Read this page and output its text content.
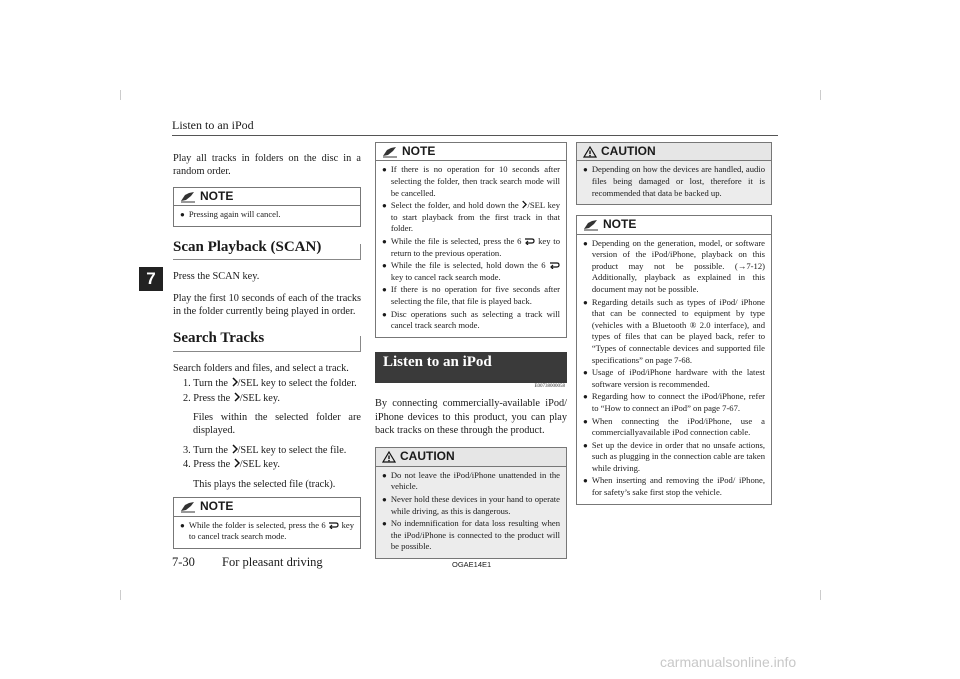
Listen to an iPod
7

Play all tracks in folders on the disc in a random order.

NOTE
● Pressing again will cancel.
Scan Playback (SCAN)

Press the SCAN key.

Play the first 10 seconds of each of the tracks in the folder currently being played in order.

Search Tracks

Search folders and files, and select a track.

1. Turn the /SEL key to select the folder.
2. Press the /SEL key.
Files within the selected folder are displayed.
3. Turn the /SEL key to select the file.
4. Press the /SEL key.
This plays the selected file (track).
NOTE
● While the folder is selected, press the 6 key to cancel track search mode.
NOTE
● If there is no operation for 10 seconds after selecting the folder, then track search mode will be cancelled.
● Select the folder, and hold down the /SEL key to start playback from the first track in that folder.
● While the file is selected, press the 6 key to return to the previous operation.
● While the file is selected, hold down the 6  key to cancel rack search mode.
● If there is no operation for five seconds after selecting the file, that file is played back.
● Disc operations such as selecting a track will cancel track search mode.
Listen to an iPod
E00738000058

By connecting commercially-available iPod/ iPhone devices to this product, you can play back tracks on these through the product.

CAUTION
● Do not leave the iPod/iPhone unattended in the vehicle.
● Never hold these devices in your hand to operate while driving, as this is dangerous.
● No indemnification for data loss resulting when the iPod/iPhone is connected to the product will be possible.
CAUTION
● Depending on how the devices are handled, audio files being damaged or lost, therefore it is recommended that data be backed up.
NOTE
● Depending on the generation, model, or software version of the iPod/iPhone, playback on this product may not be possible. (→7-12) Additionally, playback as explained in this document may not be possible.
● Regarding details such as types of iPod/ iPhone that can be connected to equipment by type (vehicles with a Bluetooth ® 2.0 interface), and types of files that can be played back, refer to “Types of connectable devices and supported file specifications” on page 7-68.
● Usage of iPod/iPhone hardware with the latest software version is recommended.
● Regarding how to connect the iPod/iPhone, refer to “How to connect an iPod” on page 7-67.
● When connecting the iPod/iPhone, use a commerciallyavailable iPod connection cable.
● Set up the device in order that no unsafe actions, such as plugging in the connection cable are taken while driving.
● When inserting and removing the iPod/ iPhone, for safety’s sake first stop the vehicle.
7-30 For pleasant driving	OGAE14E1
carmanualsonline.info
